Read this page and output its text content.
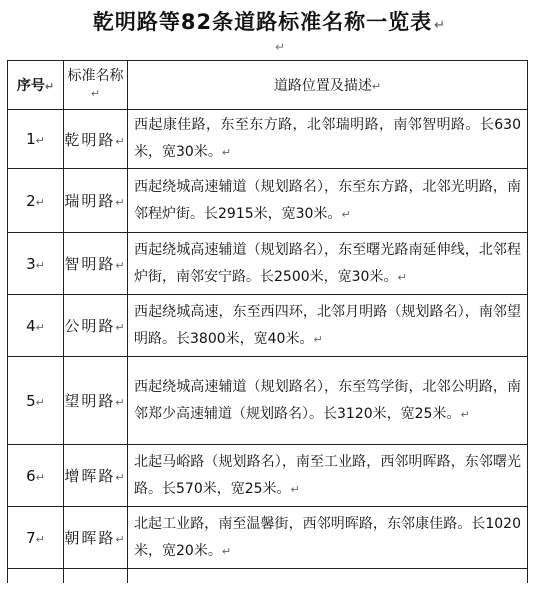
乾明路等82条道路标准名称一览表 ↵
↵
序号↵	标准名称↵	道路位置及描述↵
1↵	乾明路↵	西起康佳路，东至东方路，北邻瑞明路，南邻智明路。长630米，宽30米。↵
2↵	瑞明路↵	西起绕城高速辅道（规划路名），东至东方路，北邻光明路，南邻程炉街。长2915米，宽30米。↵
3↵	智明路↵	西起绕城高速辅道（规划路名），东至曙光路南延伸线，北邻程炉街，南邻安宁路。长2500米，宽30米。↵
4↵	公明路↵	西起绕城高速，东至西四环，北邻月明路（规划路名），南邻望明路。长3800米，宽40米。↵
5↵	望明路↵	西起绕城高速辅道（规划路名），东至笃学街，北邻公明路，南邻郑少高速辅道（规划路名）。长3120米，宽25米。↵
6↵	增晖路↵	北起马峪路（规划路名），南至工业路，西邻明晖路，东邻曙光路。长570米，宽25米。↵
7↵	朝晖路↵	北起工业路，南至温馨街，西邻明晖路，东邻康佳路。长1020米，宽20米。↵
